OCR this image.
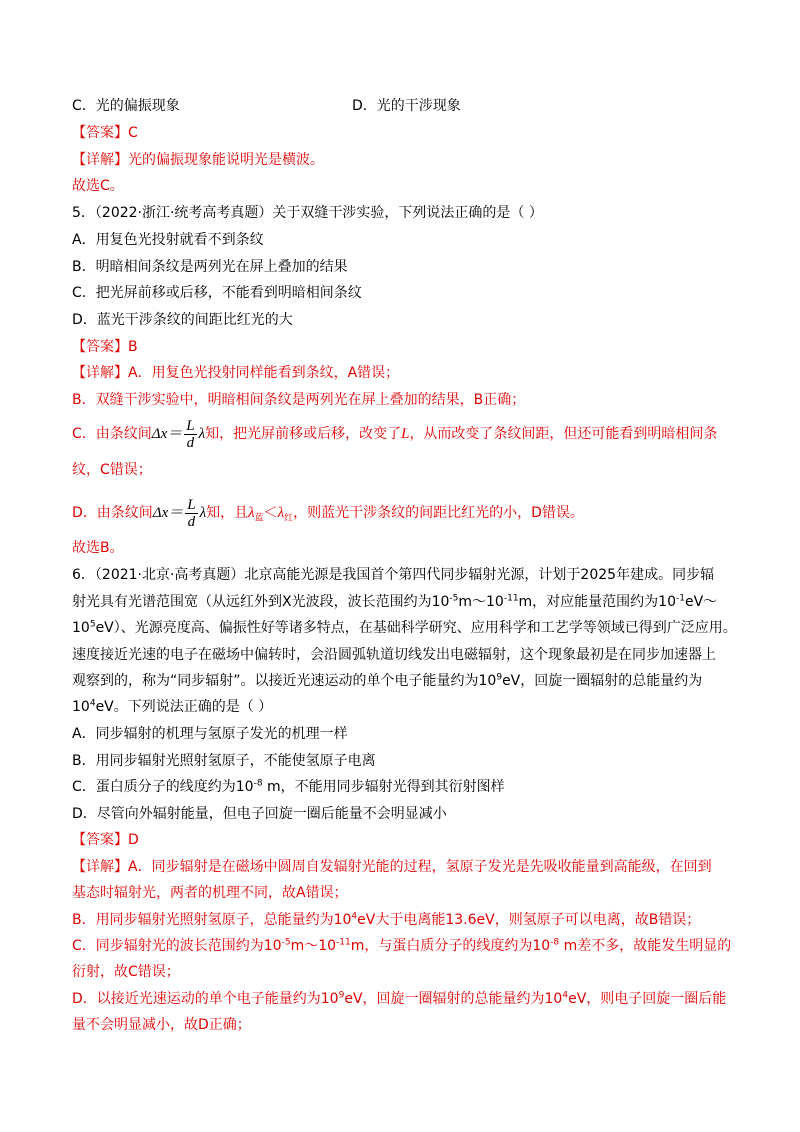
C．光的偏振现象	D．光的干涉现象
【答案】C
【详解】光的偏振现象能说明光是横波。
故选C。
5．（2022·浙江·统考高考真题）关于双缝干涉实验，下列说法正确的是（ ）
A．用复色光投射就看不到条纹
B．明暗相间条纹是两列光在屏上叠加的结果
C．把光屏前移或后移，不能看到明暗相间条纹
D．蓝光干涉条纹的间距比红光的大
【答案】B
【详解】A．用复色光投射同样能看到条纹，A错误；
B．双缝干涉实验中，明暗相间条纹是两列光在屏上叠加的结果，B正确；
C．由条纹间$\Delta x= \frac{L}{d}$ λ知，把光屏前移或后移，改变了L，从而改变了条纹间距，但还可能看到明暗相间条
纹，C错误；
D．由条纹间$\Delta x= \frac{L}{d}$ λ知，且$\lambda_蓝<\lambda_红$，则蓝光干涉条纹的间距比红光的小，D错误。
故选B。
6．（2021·北京·高考真题）北京高能光源是我国首个第四代同步辐射光源，计划于2025年建成。同步辐
射光具有光谱范围宽（从远红外到X光波段，波长范围约为$10^{-5}m\sim 10^{-11}m$，对应能量范围约为$10^{-1}eV\sim$
$10^5eV$）、光源亮度高、偏振性好等诸多特点，在基础科学研究、应用科学和工艺学等领域已得到广泛应用。
速度接近光速的电子在磁场中偏转时，会沿圆弧轨道切线发出电磁辐射，这个现象最初是在同步加速器上
观察到的，称为“同步辐射”。以接近光速运动的单个电子能量约为$10^9eV$，回旋一圈辐射的总能量约为
$10^4eV$。下列说法正确的是（ ）
A．同步辐射的机理与氢原子发光的机理一样
B．用同步辐射光照射氢原子，不能使氢原子电离
C．蛋白质分子的线度约为$10^{-8}$ m，不能用同步辐射光得到其衍射图样
D．尽管向外辐射能量，但电子回旋一圈后能量不会明显减小
【答案】D
【详解】A．同步辐射是在磁场中圆周自发辐射光能的过程，氢原子发光是先吸收能量到高能级，在回到
基态时辐射光，两者的机理不同，故A错误；
B．用同步辐射光照射氢原子，总能量约为$10^4eV$大于电离能13.6eV，则氢原子可以电离，故B错误；
C．同步辐射光的波长范围约为$10^{-5}m\sim 10^{-11}m$，与蛋白质分子的线度约为$10^{-8}$ m差不多，故能发生明显的
衍射，故C错误；
D．以接近光速运动的单个电子能量约为$10^9eV$，回旋一圈辐射的总能量约为$10^4eV$，则电子回旋一圈后能
量不会明显减小，故D正确；
